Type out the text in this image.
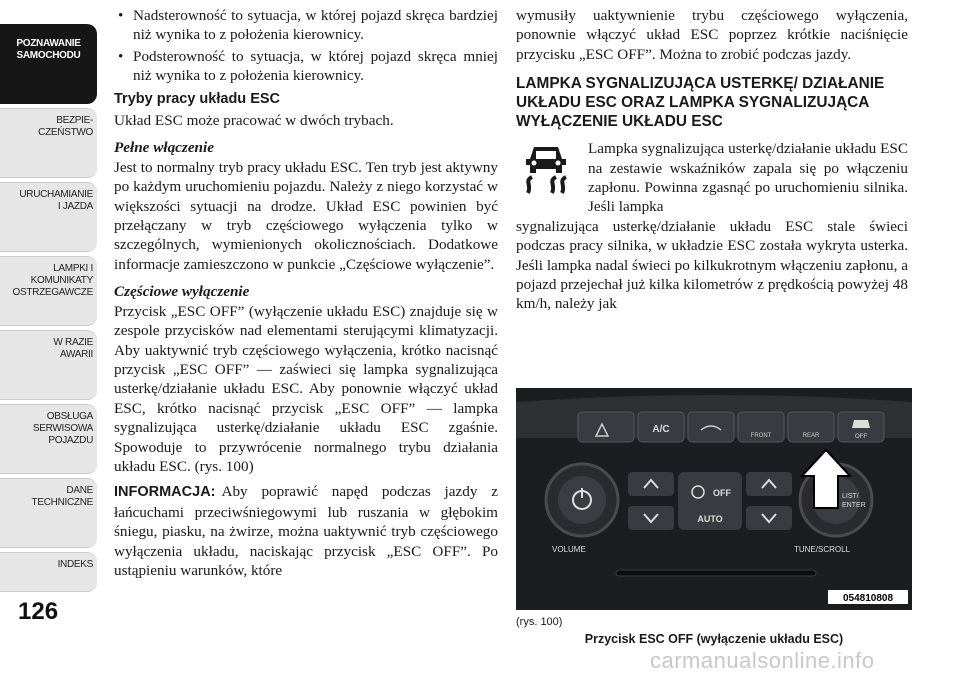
POZNAWANIE
SAMOCHODU
BEZPIE-
CZEŃSTWO
URUCHAMIANIE
I JAZDA
LAMPKI I
KOMUNIKATY
OSTRZEGAWCZE
W RAZIE
AWARII
OBSŁUGA
SERWISOWA
POJAZDU
DANE
TECHNICZNE
INDEKS
126
• Nadsterowność to sytuacja, w której pojazd skręca bardziej niż wynika to z położenia kierownicy.
• Podsterowność to sytuacja, w której pojazd skręca mniej niż wynika to z położenia kierownicy.
Tryby pracy układu ESC

Układ ESC może pracować w dwóch trybach.

Pełne włączenie

Jest to normalny tryb pracy układu ESC. Ten tryb jest aktywny po każdym uruchomieniu pojazdu. Należy z niego korzystać w większości sytuacji na drodze. Układ ESC powinien być przełączany w tryb częściowego wyłączenia tylko w szczególnych, wymienionych okolicznościach. Dodatkowe informacje zamieszczono w punkcie „Częściowe wyłączenie”.

Częściowe wyłączenie

Przycisk „ESC OFF” (wyłączenie układu ESC) znajduje się w zespole przycisków nad elementami sterującymi klimatyzacji. Aby uaktywnić tryb częściowego wyłączenia, krótko nacisnąć przycisk „ESC OFF” — zaświeci się lampka sygnalizująca usterkę/działanie układu ESC. Aby ponownie włączyć układ ESC, krótko nacisnąć przycisk „ESC OFF” — lampka sygnalizująca usterkę/działanie układu ESC zgaśnie. Spowoduje to przywrócenie normalnego trybu działania układu ESC. (rys. 100)

INFORMACJA: Aby poprawić napęd podczas jazdy z łańcuchami przeciwśniegowymi lub ruszania w głębokim śniegu, piasku, na żwirze, można uaktywnić tryb częściowego wyłączenia układu, naciskając przycisk „ESC OFF”. Po ustąpieniu warunków, które

wymusiły uaktywnienie trybu częściowego wyłączenia, ponownie włączyć układ ESC poprzez krótkie naciśnięcie przycisku „ESC OFF”. Można to zrobić podczas jazdy.

LAMPKA SYGNALIZUJĄCA USTERKĘ/ DZIAŁANIE UKŁADU ESC ORAZ LAMPKA SYGNALIZUJĄCA WYŁĄCZENIE UKŁADU ESC

Lampka sygnalizująca usterkę/działanie układu ESC na zestawie wskaźników zapala się po włączeniu zapłonu. Powinna zgasnąć po uruchomieniu silnika. Jeśli lampka

sygnalizująca usterkę/działanie układu ESC stale świeci podczas pracy silnika, w układzie ESC została wykryta usterka. Jeśli lampka nadal świeci po kilkukrotnym włączeniu zapłonu, a pojazd przejechał już kilka kilometrów z prędkością powyżej 48 km/h, należy jak

A/C
FRONT	REAR	OFF
VOLUME
OFF
AUTO
LIST/
ENTER
TUNE/SCROLL
054810808
(rys. 100)
Przycisk ESC OFF (wyłączenie układu ESC)
carmanualsonline.info
